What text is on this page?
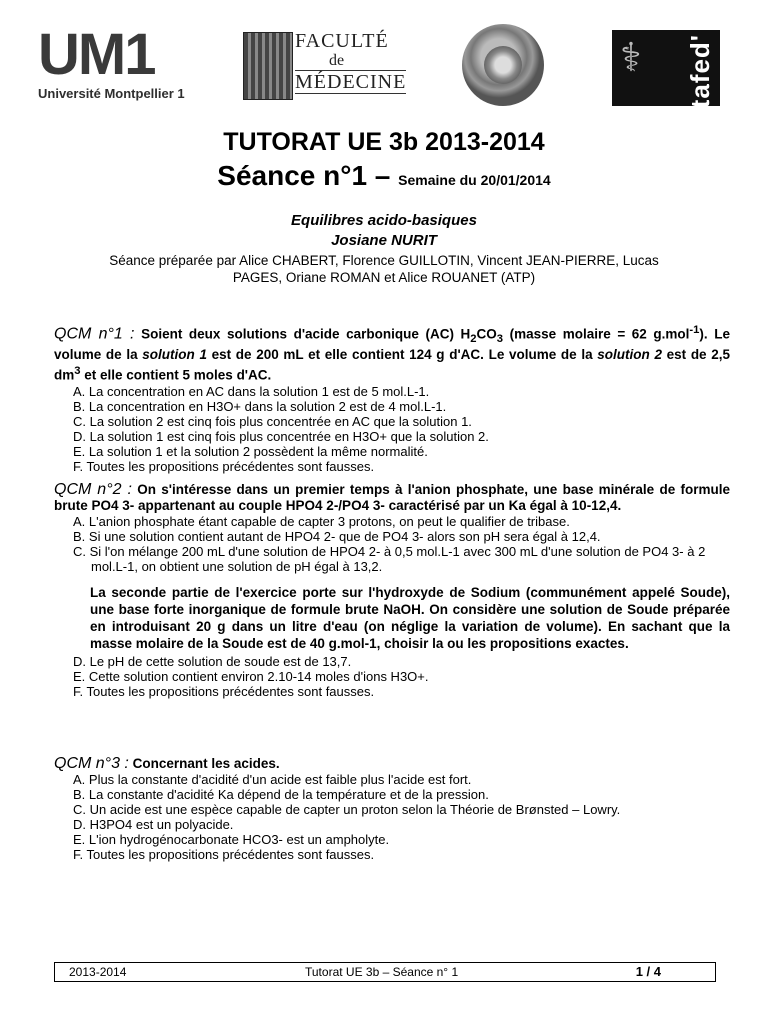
UM1
Université Montpellier 1
FACULTÉ
de
MÉDECINE
⚕ tafed'
TUTORAT UE 3b 2013-2014
Séance n°1 – Semaine du 20/01/2014
Equilibres acido-basiques
Josiane NURIT
Séance préparée par Alice CHABERT, Florence GUILLOTIN, Vincent JEAN-PIERRE, Lucas PAGES, Oriane ROMAN et Alice ROUANET (ATP)
QCM n°1 : Soient deux solutions d'acide carbonique (AC) $H_2CO_3$ (masse molaire = 62 g.mol$^{-1}$). Le volume de la solution 1 est de 200 mL et elle contient 124 g d'AC. Le volume de la solution 2 est de 2,5 $dm^3$ et elle contient 5 moles d'AC.
A. La concentration en AC dans la solution 1 est de 5 mol.L-1.
B. La concentration en H3O+ dans la solution 2 est de 4 mol.L-1.
C. La solution 2 est cinq fois plus concentrée en AC que la solution 1.
D. La solution 1 est cinq fois plus concentrée en H3O+ que la solution 2.
E. La solution 1 et la solution 2 possèdent la même normalité.
F. Toutes les propositions précédentes sont fausses.
QCM n°2 : On s'intéresse dans un premier temps à l'anion phosphate, une base minérale de formule brute PO4 3- appartenant au couple HPO4 2-/PO4 3- caractérisé par un Ka égal à 10-12,4.
A. L'anion phosphate étant capable de capter 3 protons, on peut le qualifier de tribase.
B. Si une solution contient autant de HPO4 2- que de PO4 3- alors son pH sera égal à 12,4.
C. Si l'on mélange 200 mL d'une solution de HPO4 2- à 0,5 mol.L-1 avec 300 mL d'une solution de PO4 3- à 2 mol.L-1, on obtient une solution de pH égal à 13,2.
La seconde partie de l'exercice porte sur l'hydroxyde de Sodium (communément appelé Soude), une base forte inorganique de formule brute NaOH. On considère une solution de Soude préparée en introduisant 20 g dans un litre d'eau (on néglige la variation de volume). En sachant que la masse molaire de la Soude est de 40 g.mol-1, choisir la ou les propositions exactes.
D. Le pH de cette solution de soude est de 13,7.
E. Cette solution contient environ 2.10-14 moles d'ions H3O+.
F. Toutes les propositions précédentes sont fausses.
QCM n°3 : Concernant les acides.
A. Plus la constante d'acidité d'un acide est faible plus l'acide est fort.
B. La constante d'acidité Ka dépend de la température et de la pression.
C. Un acide est une espèce capable de capter un proton selon la Théorie de Brønsted – Lowry.
D. H3PO4 est un polyacide.
E. L'ion hydrogénocarbonate HCO3- est un ampholyte.
F. Toutes les propositions précédentes sont fausses.
2013-2014	Tutorat UE 3b – Séance n° 1	1 / 4
